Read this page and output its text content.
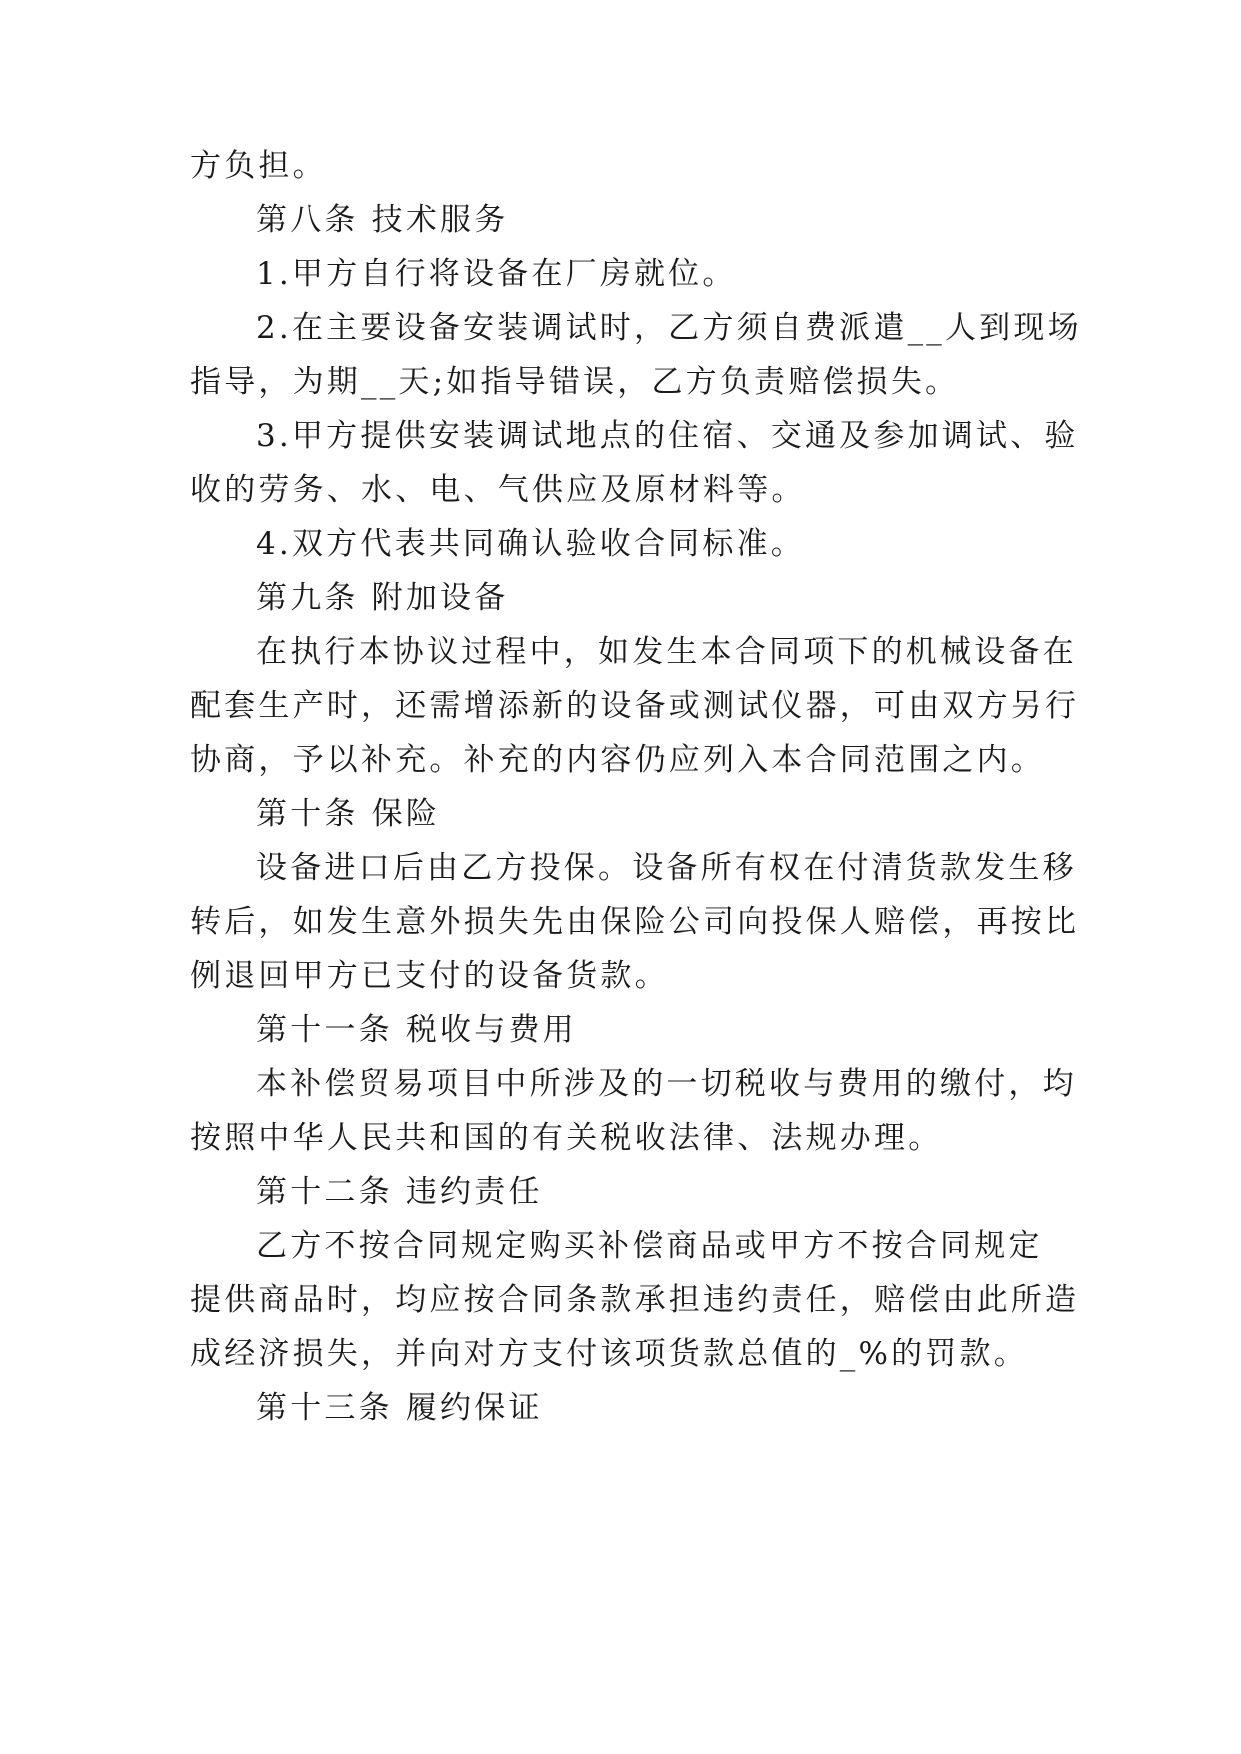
方负担。
第八条 技术服务
1.甲方自行将设备在厂房就位。
2.在主要设备安装调试时，乙方须自费派遣__人到现场
指导，为期__天;如指导错误，乙方负责赔偿损失。
3.甲方提供安装调试地点的住宿、交通及参加调试、验
收的劳务、水、电、气供应及原材料等。
4.双方代表共同确认验收合同标准。
第九条 附加设备
在执行本协议过程中，如发生本合同项下的机械设备在
配套生产时，还需增添新的设备或测试仪器，可由双方另行
协商，予以补充。补充的内容仍应列入本合同范围之内。
第十条 保险
设备进口后由乙方投保。设备所有权在付清货款发生移
转后，如发生意外损失先由保险公司向投保人赔偿，再按比
例退回甲方已支付的设备货款。
第十一条 税收与费用
本补偿贸易项目中所涉及的一切税收与费用的缴付，均
按照中华人民共和国的有关税收法律、法规办理。
第十二条 违约责任
乙方不按合同规定购买补偿商品或甲方不按合同规定
提供商品时，均应按合同条款承担违约责任，赔偿由此所造
成经济损失，并向对方支付该项货款总值的_%的罚款。
第十三条 履约保证
